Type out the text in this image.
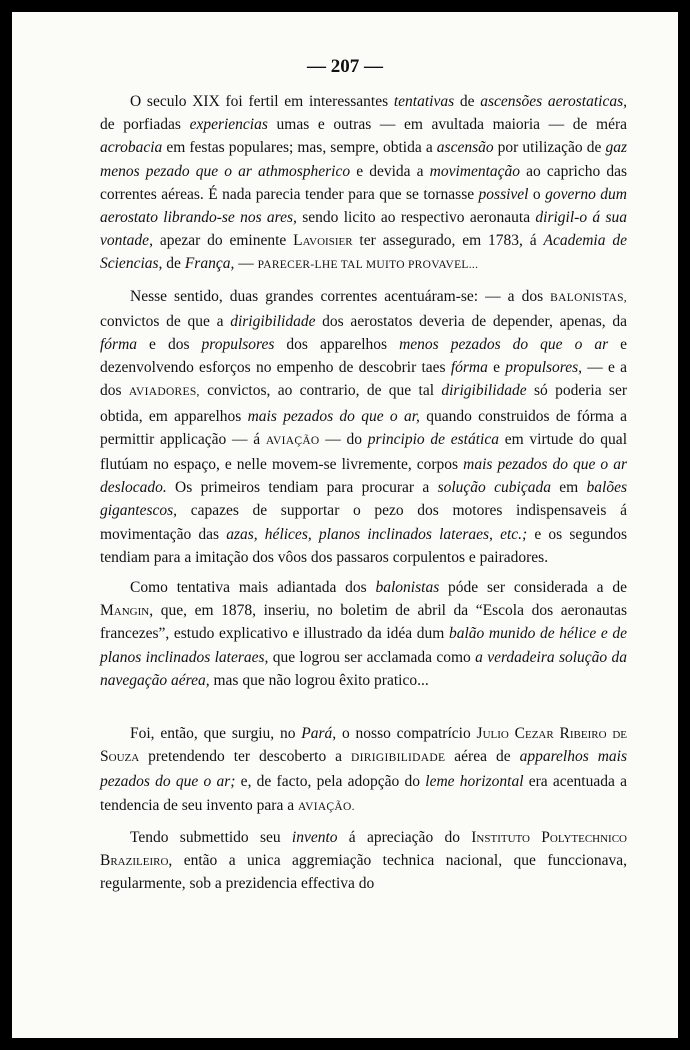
— 207 —

O seculo XIX foi fertil em interessantes tentativas de ascensões aerostaticas, de porfiadas experiencias umas e outras — em avultada maioria — de méra acrobacia em festas populares; mas, sempre, obtida a ascensão por utilização de gaz menos pezado que o ar athmospherico e devida a movimentação ao capricho das correntes aéreas. É nada parecia tender para que se tornasse possivel o governo dum aerostato librando-se nos ares, sendo licito ao respectivo aeronauta dirigil-o á sua vontade, apezar do eminente Lavoisier ter assegurado, em 1783, á Academia de Sciencias, de França, — PARECER-LHE TAL MUITO PROVAVEL...

Nesse sentido, duas grandes correntes acentuáram-se: — a dos BALONISTAS, convictos de que a dirigibilidade dos aerostatos deveria de depender, apenas, da fórma e dos propulsores dos apparelhos menos pezados do que o ar e dezenvolvendo esforços no empenho de descobrir taes fórma e propulsores, — e a dos AVIADORES, convictos, ao contrario, de que tal dirigibilidade só poderia ser obtida, em apparelhos mais pezados do que o ar, quando construidos de fórma a permittir applicação — á AVIAÇÃO — do principio de estática em virtude do qual flutúam no espaço, e nelle movem-se livremente, corpos mais pezados do que o ar deslocado. Os primeiros tendiam para procurar a solução cubiçada em balões gigantescos, capazes de supportar o pezo dos motores indispensaveis á movimentação das azas, hélices, planos inclinados lateraes, etc.; e os segundos tendiam para a imitação dos vôos dos passaros corpulentos e pairadores.

Como tentativa mais adiantada dos balonistas póde ser considerada a de Mangin, que, em 1878, inseriu, no boletim de abril da “Escola dos aeronautas francezes”, estudo explicativo e illustrado da idéa dum balão munido de hélice e de planos inclinados lateraes, que logrou ser acclamada como a verdadeira solução da navegação aérea, mas que não logrou êxito pratico...

Foi, então, que surgiu, no Pará, o nosso compatrício Julio Cezar Ribeiro de Souza pretendendo ter descoberto a DIRIGIBILIDADE aérea de apparelhos mais pezados do que o ar; e, de facto, pela adopção do leme horizontal era acentuada a tendencia de seu invento para a AVIAÇÃO.

Tendo submettido seu invento á apreciação do Instituto Polytechnico Brazileiro, então a unica aggremiação technica nacional, que funccionava, regularmente, sob a prezidencia effectiva do
